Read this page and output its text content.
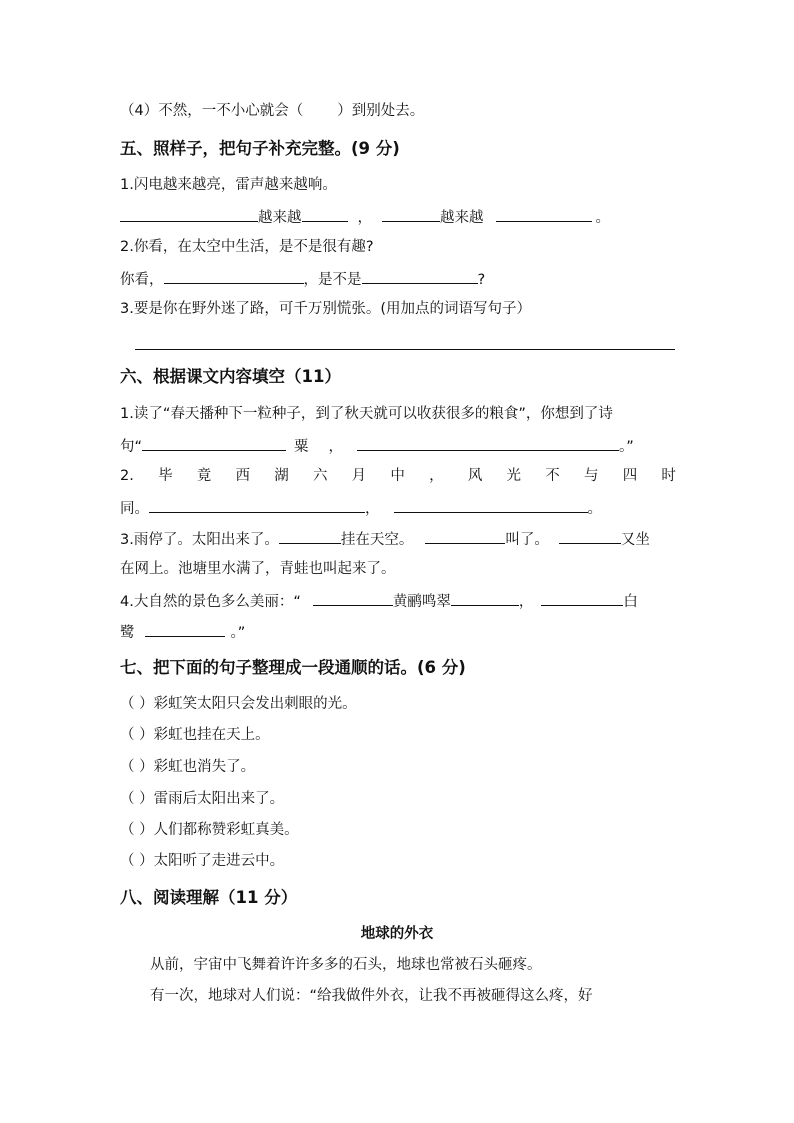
（4）不然，一不小心就会（ ）到别处去。
五、照样子，把句子补充完整。(9 分)
1.闪电越来越亮，雷声越来越响。
越来越	，	越来越	。
2.你看，在太空中生活，是不是很有趣?
你看，	，是不是	?
3.要是你在野外迷了路，可千万别慌张。(用加点的词语写句子）
六、根据课文内容填空（11）
1.读了“春天播种下一粒种子，到了秋天就可以收获很多的粮食”，你想到了诗
句“	粟 ，	。”
2. 毕 竟 西 湖 六 月 中 ， 风 光 不 与 四 时
同。	，	。
3.雨停了。太阳出来了。	挂在天空。	叫了。	又坐
在网上。池塘里水满了，青蛙也叫起来了。
4.大自然的景色多么美丽：“	黄鹂鸣翠	，	白
鹭	。”
七、把下面的句子整理成一段通顺的话。(6 分)
（ ）彩虹笑太阳只会发出刺眼的光。
（ ）彩虹也挂在天上。
（ ）彩虹也消失了。
（ ）雷雨后太阳出来了。
（ ）人们都称赞彩虹真美。
（ ）太阳听了走进云中。
八、阅读理解（11 分）
地球的外衣
从前，宇宙中飞舞着许许多多的石头，地球也常被石头砸疼。
有一次，地球对人们说：“给我做件外衣，让我不再被砸得这么疼，好
